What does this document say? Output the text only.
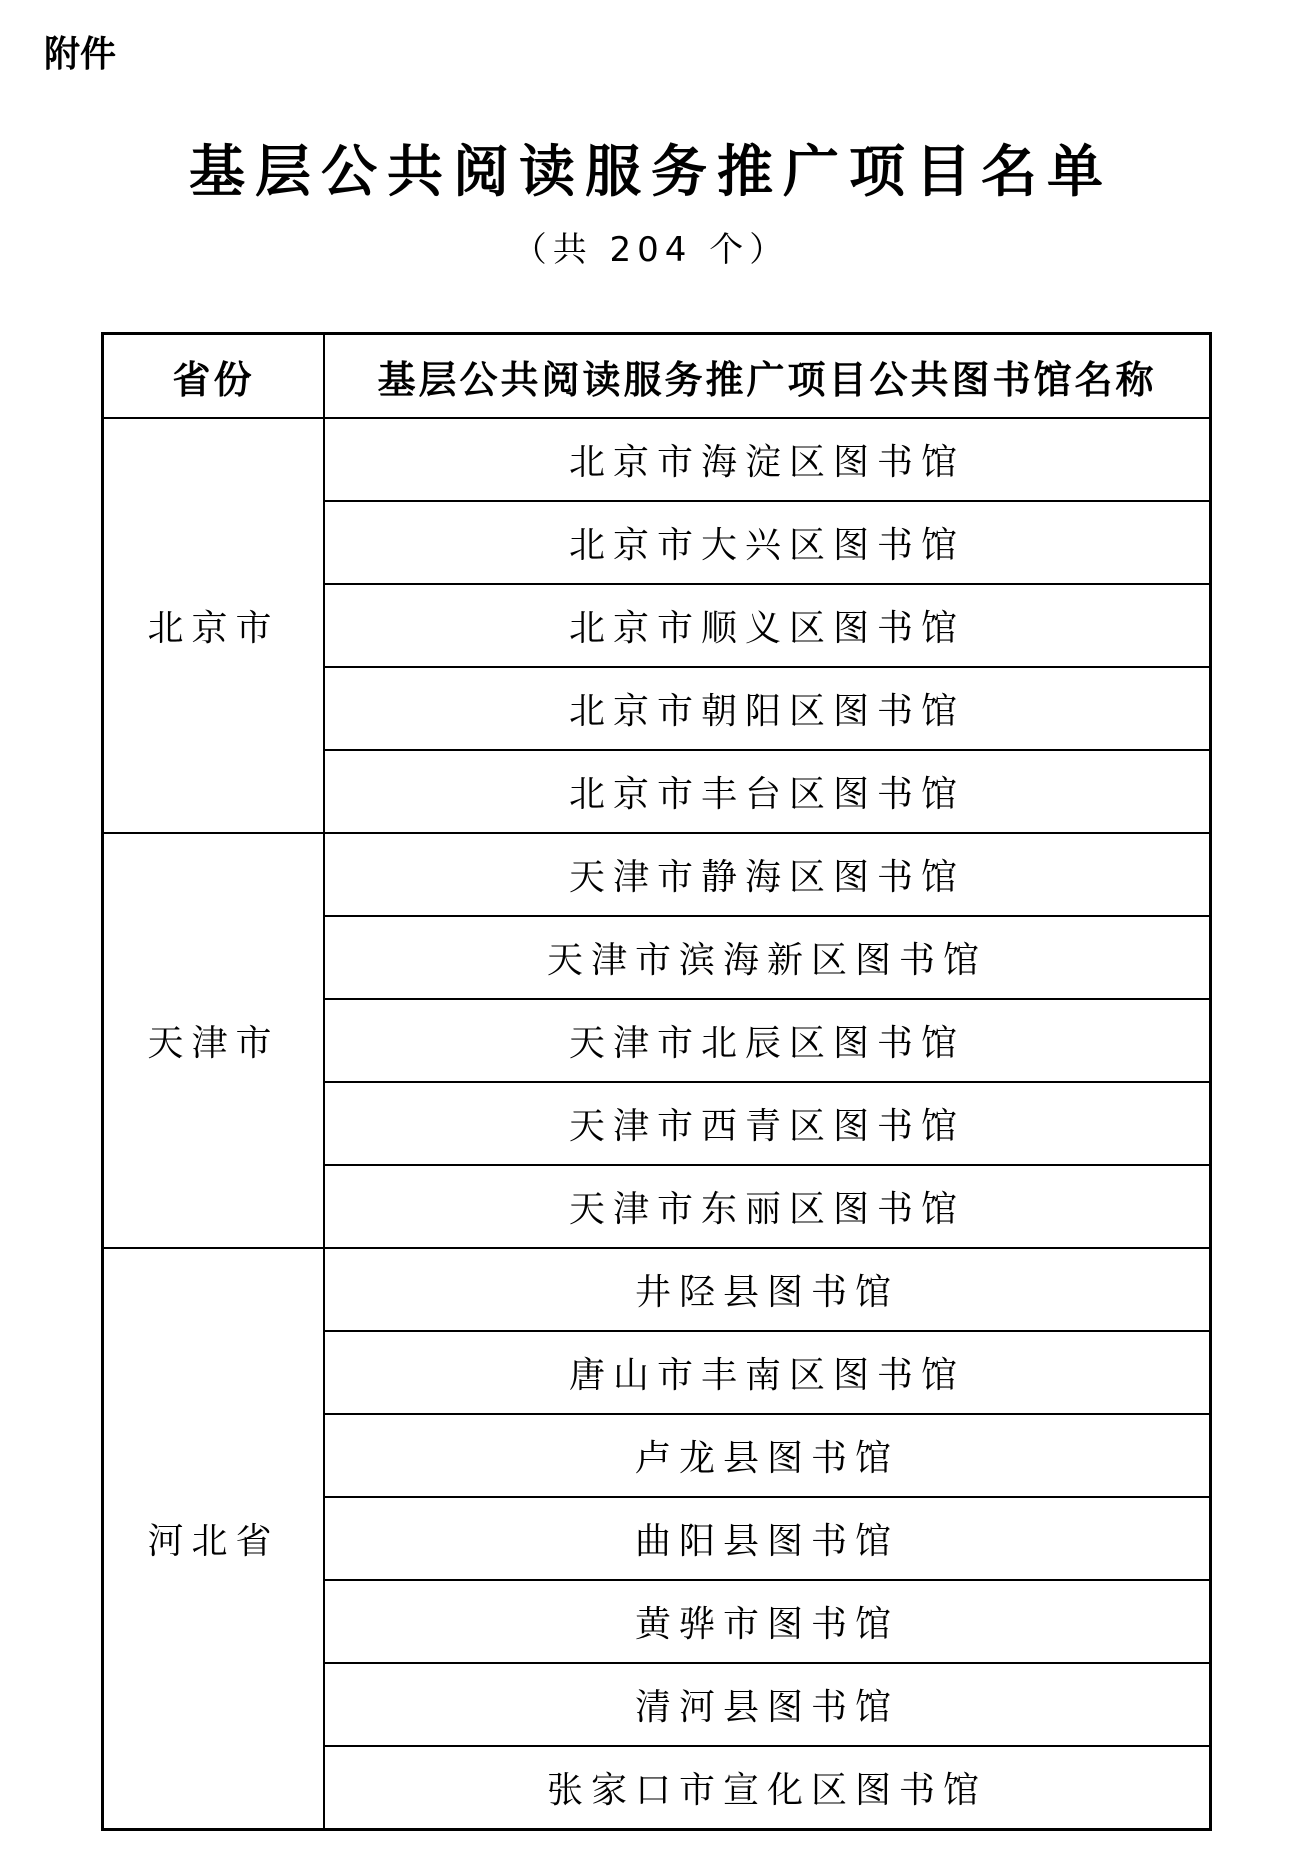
附件
基层公共阅读服务推广项目名单
（共 204 个）
省份	基层公共阅读服务推广项目公共图书馆名称
北京市	北京市海淀区图书馆
	北京市大兴区图书馆
	北京市顺义区图书馆
	北京市朝阳区图书馆
	北京市丰台区图书馆
天津市	天津市静海区图书馆
	天津市滨海新区图书馆
	天津市北辰区图书馆
	天津市西青区图书馆
	天津市东丽区图书馆
河北省	井陉县图书馆
	唐山市丰南区图书馆
	卢龙县图书馆
	曲阳县图书馆
	黄骅市图书馆
	清河县图书馆
	张家口市宣化区图书馆
